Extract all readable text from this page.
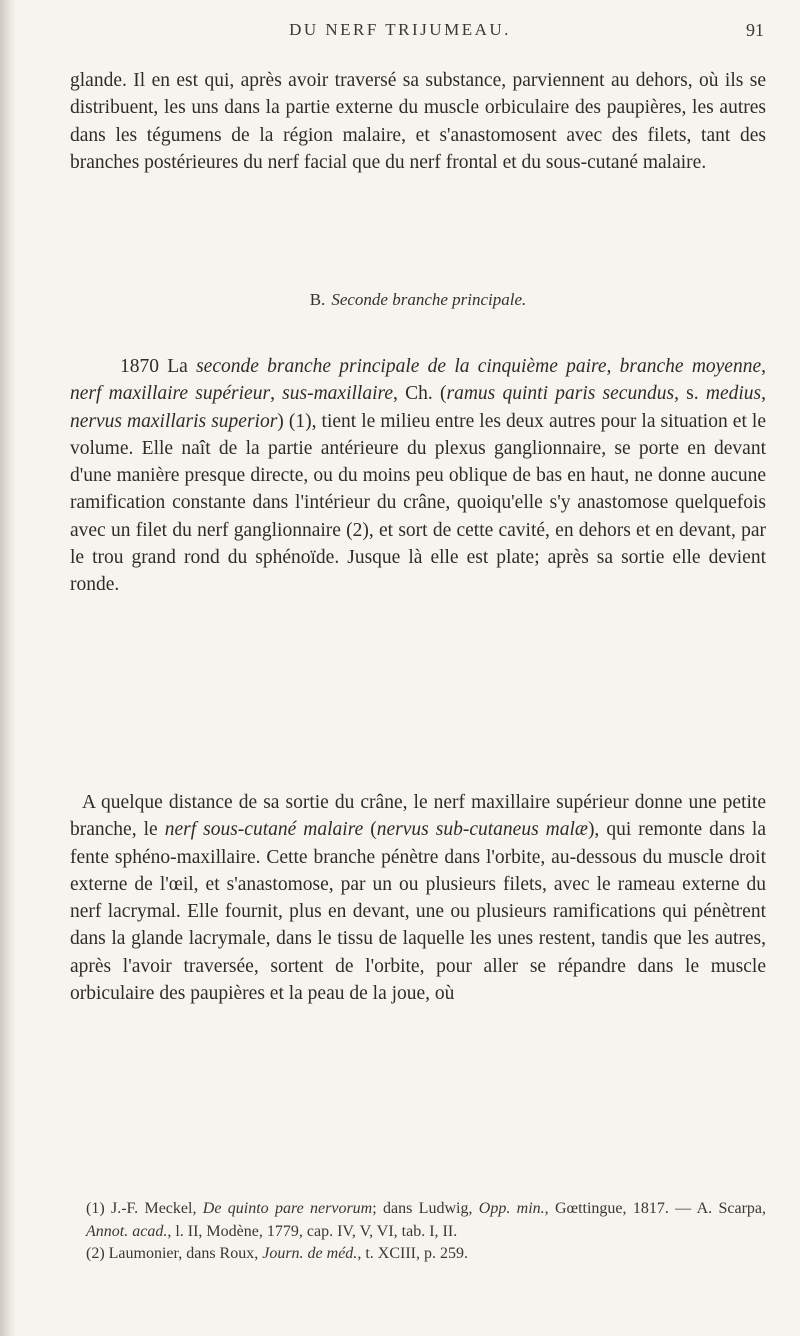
DU NERF TRIJUMEAU.	91
glande. Il en est qui, après avoir traversé sa substance, parviennent au dehors, où ils se distribuent, les uns dans la partie externe du muscle orbiculaire des paupières, les autres dans les tégumens de la région malaire, et s'anastomosent avec des filets, tant des branches postérieures du nerf facial que du nerf frontal et du sous-cutané malaire.
B. Seconde branche principale.
1870 La seconde branche principale de la cinquième paire, branche moyenne, nerf maxillaire supérieur, sus-maxillaire, Ch. (ramus quinti paris secundus, s. medius, nervus maxillaris superior) (1), tient le milieu entre les deux autres pour la situation et le volume. Elle naît de la partie antérieure du plexus ganglionnaire, se porte en devant d'une manière presque directe, ou du moins peu oblique de bas en haut, ne donne aucune ramification constante dans l'intérieur du crâne, quoiqu'elle s'y anastomose quelquefois avec un filet du nerf ganglionnaire (2), et sort de cette cavité, en dehors et en devant, par le trou grand rond du sphénoïde. Jusque là elle est plate; après sa sortie elle devient ronde.
A quelque distance de sa sortie du crâne, le nerf maxillaire supérieur donne une petite branche, le nerf sous-cutané malaire (nervus sub-cutaneus malæ), qui remonte dans la fente sphéno-maxillaire. Cette branche pénètre dans l'orbite, au-dessous du muscle droit externe de l'œil, et s'anastomose, par un ou plusieurs filets, avec le rameau externe du nerf lacrymal. Elle fournit, plus en devant, une ou plusieurs ramifications qui pénètrent dans la glande lacrymale, dans le tissu de laquelle les unes restent, tandis que les autres, après l'avoir traversée, sortent de l'orbite, pour aller se répandre dans le muscle orbiculaire des paupières et la peau de la joue, où
(1) J.-F. Meckel, De quinto pare nervorum; dans Ludwig, Opp. min., Gœttingue, 1817. — A. Scarpa, Annot. acad., l. II, Modène, 1779, cap. IV, V, VI, tab. I, II.
(2) Laumonier, dans Roux, Journ. de méd., t. XCIII, p. 259.
